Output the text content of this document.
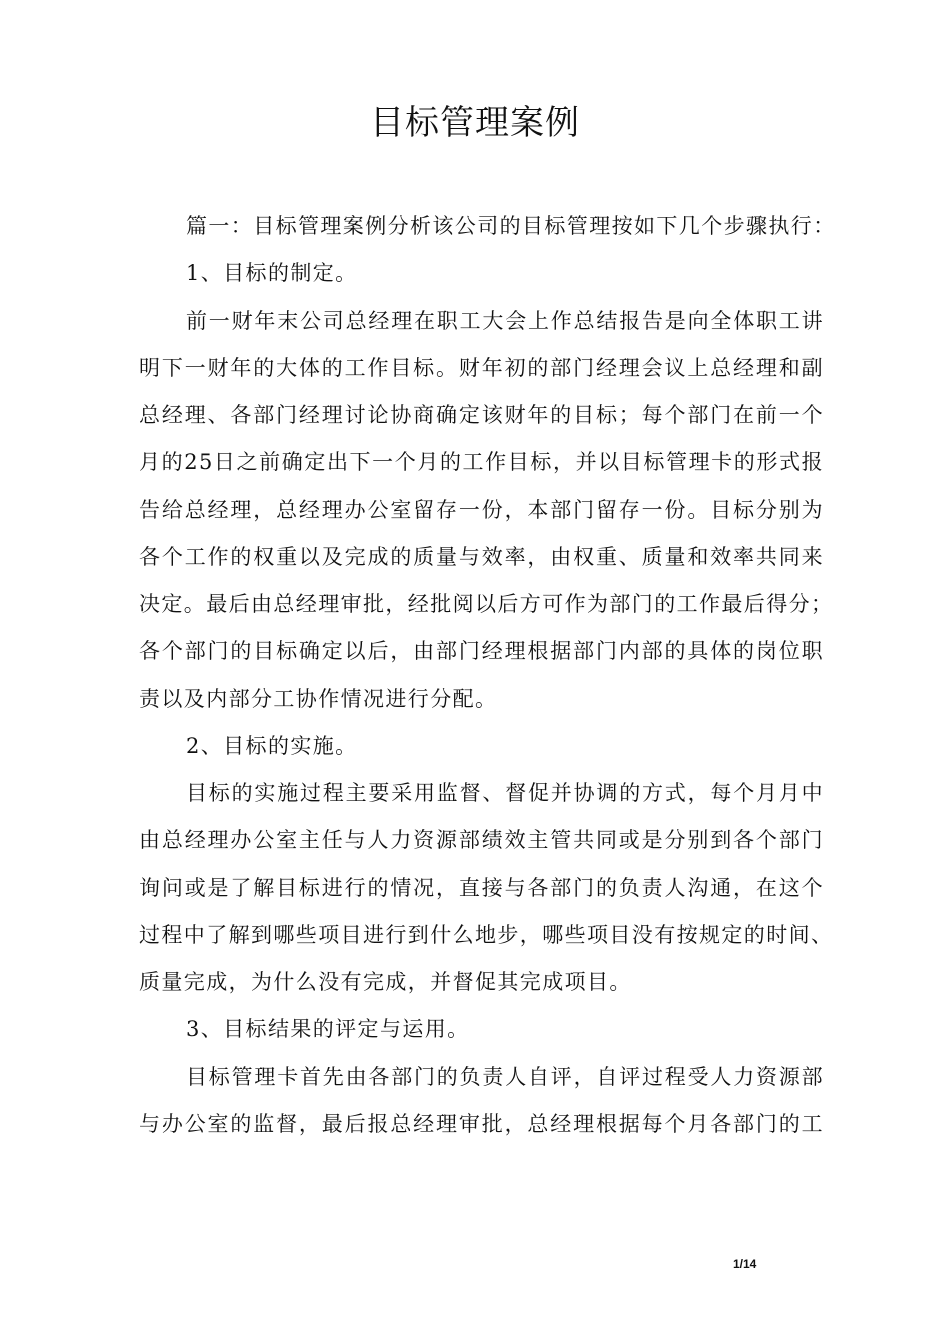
目标管理案例
篇一：目标管理案例分析该公司的目标管理按如下几个步骤执行：
1、目标的制定。
前一财年末公司总经理在职工大会上作总结报告是向全体职工讲
明下一财年的大体的工作目标。财年初的部门经理会议上总经理和副
总经理、各部门经理讨论协商确定该财年的目标；每个部门在前一个
月的25日之前确定出下一个月的工作目标，并以目标管理卡的形式报
告给总经理，总经理办公室留存一份，本部门留存一份。目标分别为
各个工作的权重以及完成的质量与效率，由权重、质量和效率共同来
决定。最后由总经理审批，经批阅以后方可作为部门的工作最后得分；
各个部门的目标确定以后，由部门经理根据部门内部的具体的岗位职
责以及内部分工协作情况进行分配。
2、目标的实施。
目标的实施过程主要采用监督、督促并协调的方式，每个月月中
由总经理办公室主任与人力资源部绩效主管共同或是分别到各个部门
询问或是了解目标进行的情况，直接与各部门的负责人沟通，在这个
过程中了解到哪些项目进行到什么地步，哪些项目没有按规定的时间、
质量完成，为什么没有完成，并督促其完成项目。
3、目标结果的评定与运用。
目标管理卡首先由各部门的负责人自评，自评过程受人力资源部
与办公室的监督，最后报总经理审批，总经理根据每个月各部门的工
1/14
